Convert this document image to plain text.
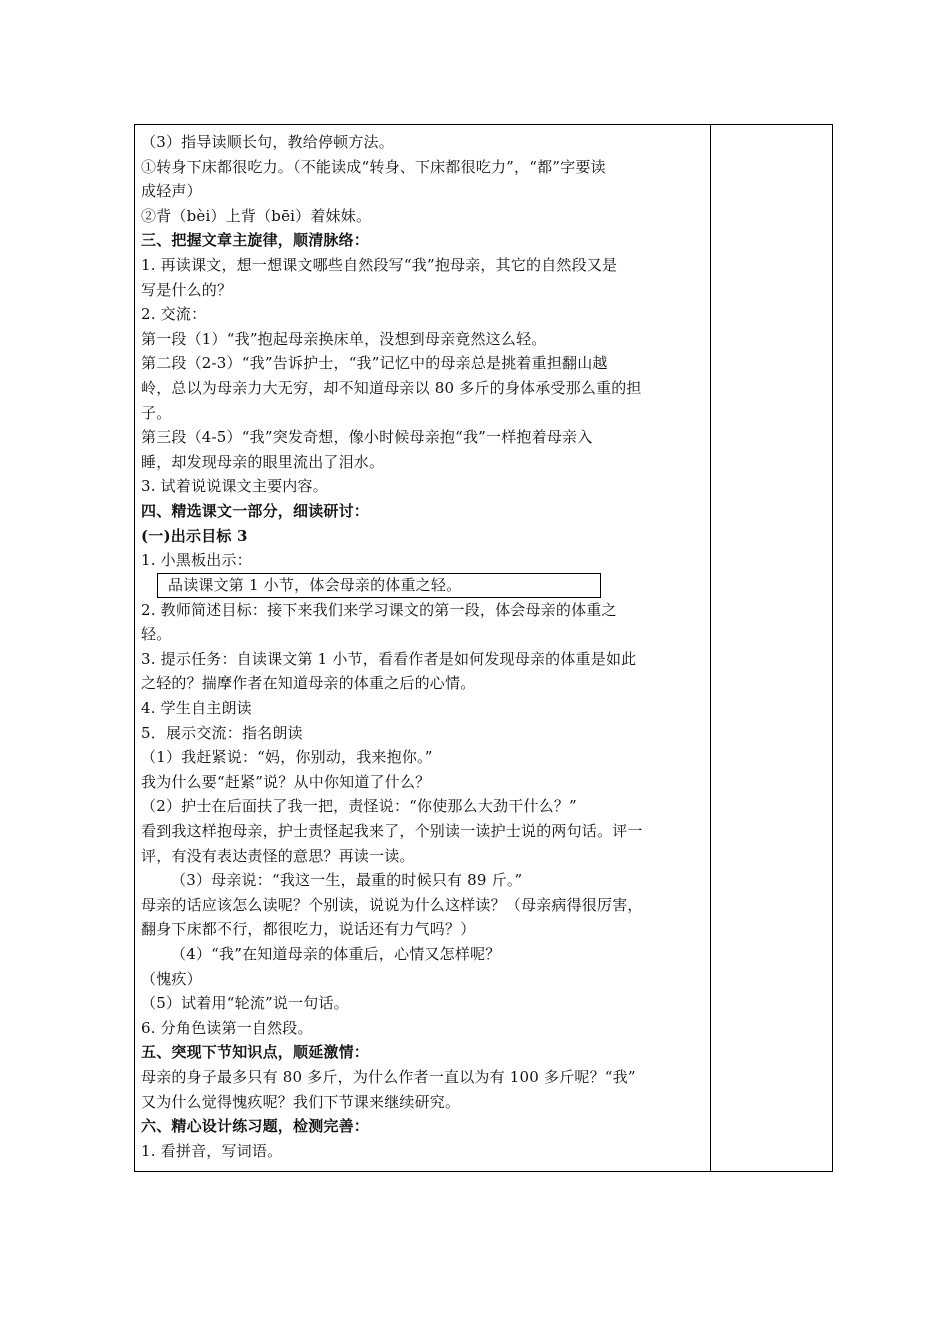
（3）指导读顺长句，教给停顿方法。
①转身下床都很吃力。（不能读成“转身、下床都很吃力”，“都”字要读
成轻声）
②背（bèi）上背（bēi）着妹妹。
三、把握文章主旋律，顺清脉络：
1. 再读课文，想一想课文哪些自然段写“我”抱母亲，其它的自然段又是
写是什么的？
2. 交流：
第一段（1）“我”抱起母亲换床单，没想到母亲竟然这么轻。
第二段（2-3）“我”告诉护士，“我”记忆中的母亲总是挑着重担翻山越
岭，总以为母亲力大无穷，却不知道母亲以 80 多斤的身体承受那么重的担
子。
第三段（4-5）“我”突发奇想，像小时候母亲抱“我”一样抱着母亲入
睡，却发现母亲的眼里流出了泪水。
3. 试着说说课文主要内容。
四、精选课文一部分，细读研讨：
(一)出示目标 3
1. 小黑板出示：
品读课文第 1 小节，体会母亲的体重之轻。
2. 教师简述目标：接下来我们来学习课文的第一段，体会母亲的体重之
轻。
3. 提示任务：自读课文第 1 小节，看看作者是如何发现母亲的体重是如此
之轻的？揣摩作者在知道母亲的体重之后的心情。
4. 学生自主朗读
5．展示交流：指名朗读
（1）我赶紧说：“妈，你别动，我来抱你。”
我为什么要“赶紧”说？从中你知道了什么？
（2）护士在后面扶了我一把，责怪说：“你使那么大劲干什么？”
看到我这样抱母亲，护士责怪起我来了，个别读一读护士说的两句话。评一
评，有没有表达责怪的意思？再读一读。
（3）母亲说：“我这一生，最重的时候只有 89 斤。”
母亲的话应该怎么读呢？个别读，说说为什么这样读？（母亲病得很厉害，
翻身下床都不行，都很吃力，说话还有力气吗？）
（4）“我”在知道母亲的体重后，心情又怎样呢？
（愧疚）
（5）试着用“轮流”说一句话。
6. 分角色读第一自然段。
五、突现下节知识点，顺延激情：
母亲的身子最多只有 80 多斤，为什么作者一直以为有 100 多斤呢？“我”
又为什么觉得愧疚呢？我们下节课来继续研究。
六、精心设计练习题，检测完善：
1. 看拼音，写词语。
